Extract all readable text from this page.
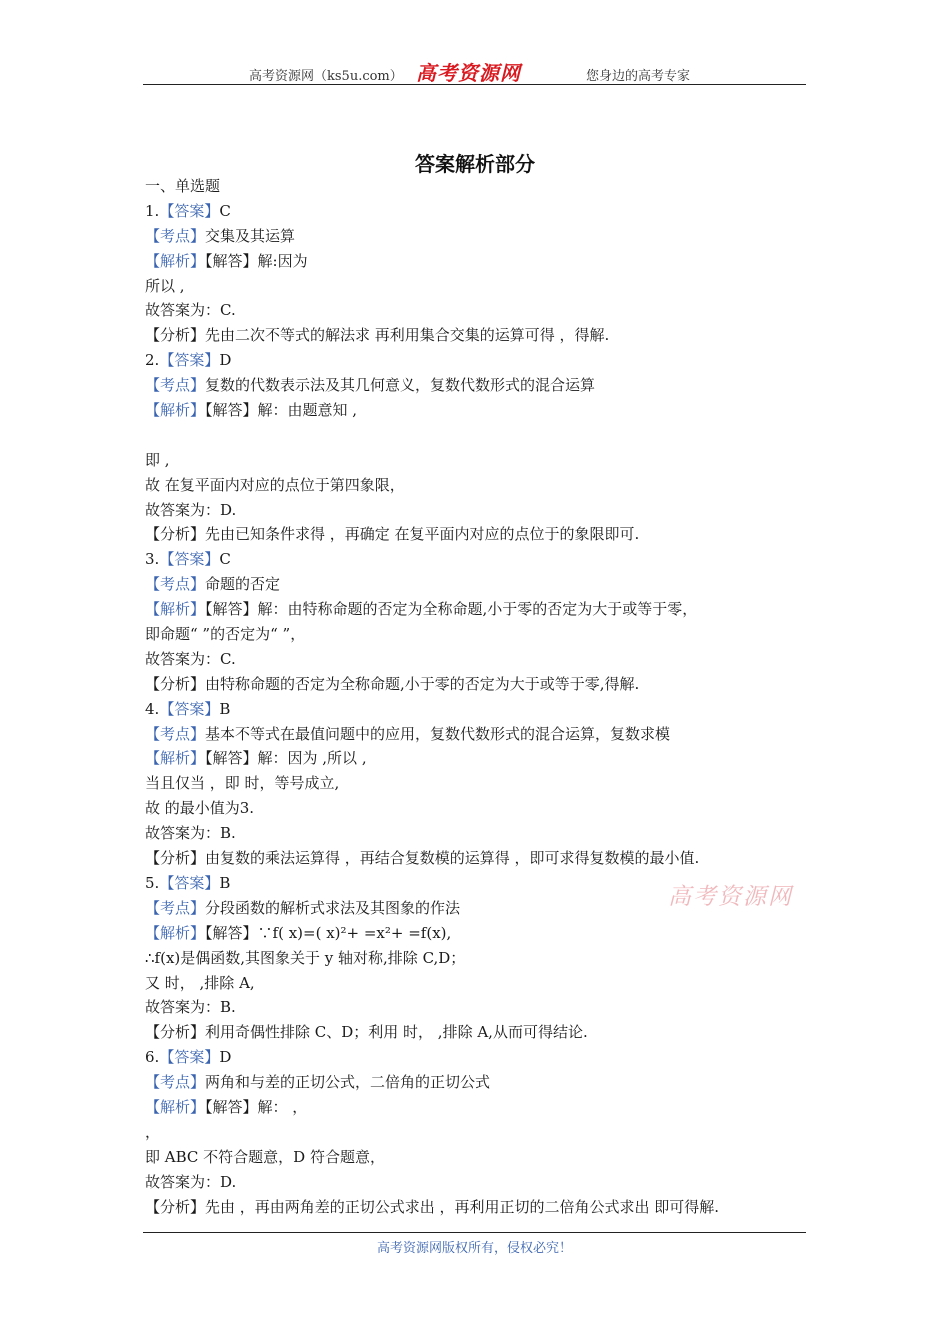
高考资源网（ks5u.com） 高考资源网	您身边的高考专家
答案解析部分
一、单选题
1.【答案】C
【考点】交集及其运算
【解析】【解答】解:因为
所以 ,
故答案为：C.
【分析】先由二次不等式的解法求 再利用集合交集的运算可得 ，得解.
2.【答案】D
【考点】复数的代数表示法及其几何意义，复数代数形式的混合运算
【解析】【解答】解：由题意知 ,
即 ,
故 在复平面内对应的点位于第四象限，
故答案为：D.
【分析】先由已知条件求得 ，再确定 在复平面内对应的点位于的象限即可.
3.【答案】C
【考点】命题的否定
【解析】【解答】解：由特称命题的否定为全称命题,小于零的否定为大于或等于零，
即命题“ ”的否定为“ ”，
故答案为：C.
【分析】由特称命题的否定为全称命题,小于零的否定为大于或等于零,得解.
4.【答案】B
【考点】基本不等式在最值问题中的应用，复数代数形式的混合运算，复数求模
【解析】【解答】解：因为 ,所以 ,
当且仅当 ，即 时，等号成立,
故 的最小值为3.
故答案为：B.
【分析】由复数的乘法运算得 ，再结合复数模的运算得 ，即可求得复数模的最小值.
5.【答案】B
【考点】分段函数的解析式求法及其图象的作法
【解析】【解答】∵f( x)=( x)²+ =x²+ =f(x),
∴f(x)是偶函数,其图象关于 y 轴对称,排除 C,D；
又 时， ,排除 A,
故答案为：B.
【分析】利用奇偶性排除 C、D；利用 时， ,排除 A,从而可得结论.
6.【答案】D
【考点】两角和与差的正切公式，二倍角的正切公式
【解析】【解答】解： ，
，
即 ABC 不符合题意，D 符合题意，
故答案为：D.
【分析】先由 ，再由两角差的正切公式求出 ，再利用正切的二倍角公式求出 即可得解.
高考资源网
高考资源网版权所有，侵权必究！
